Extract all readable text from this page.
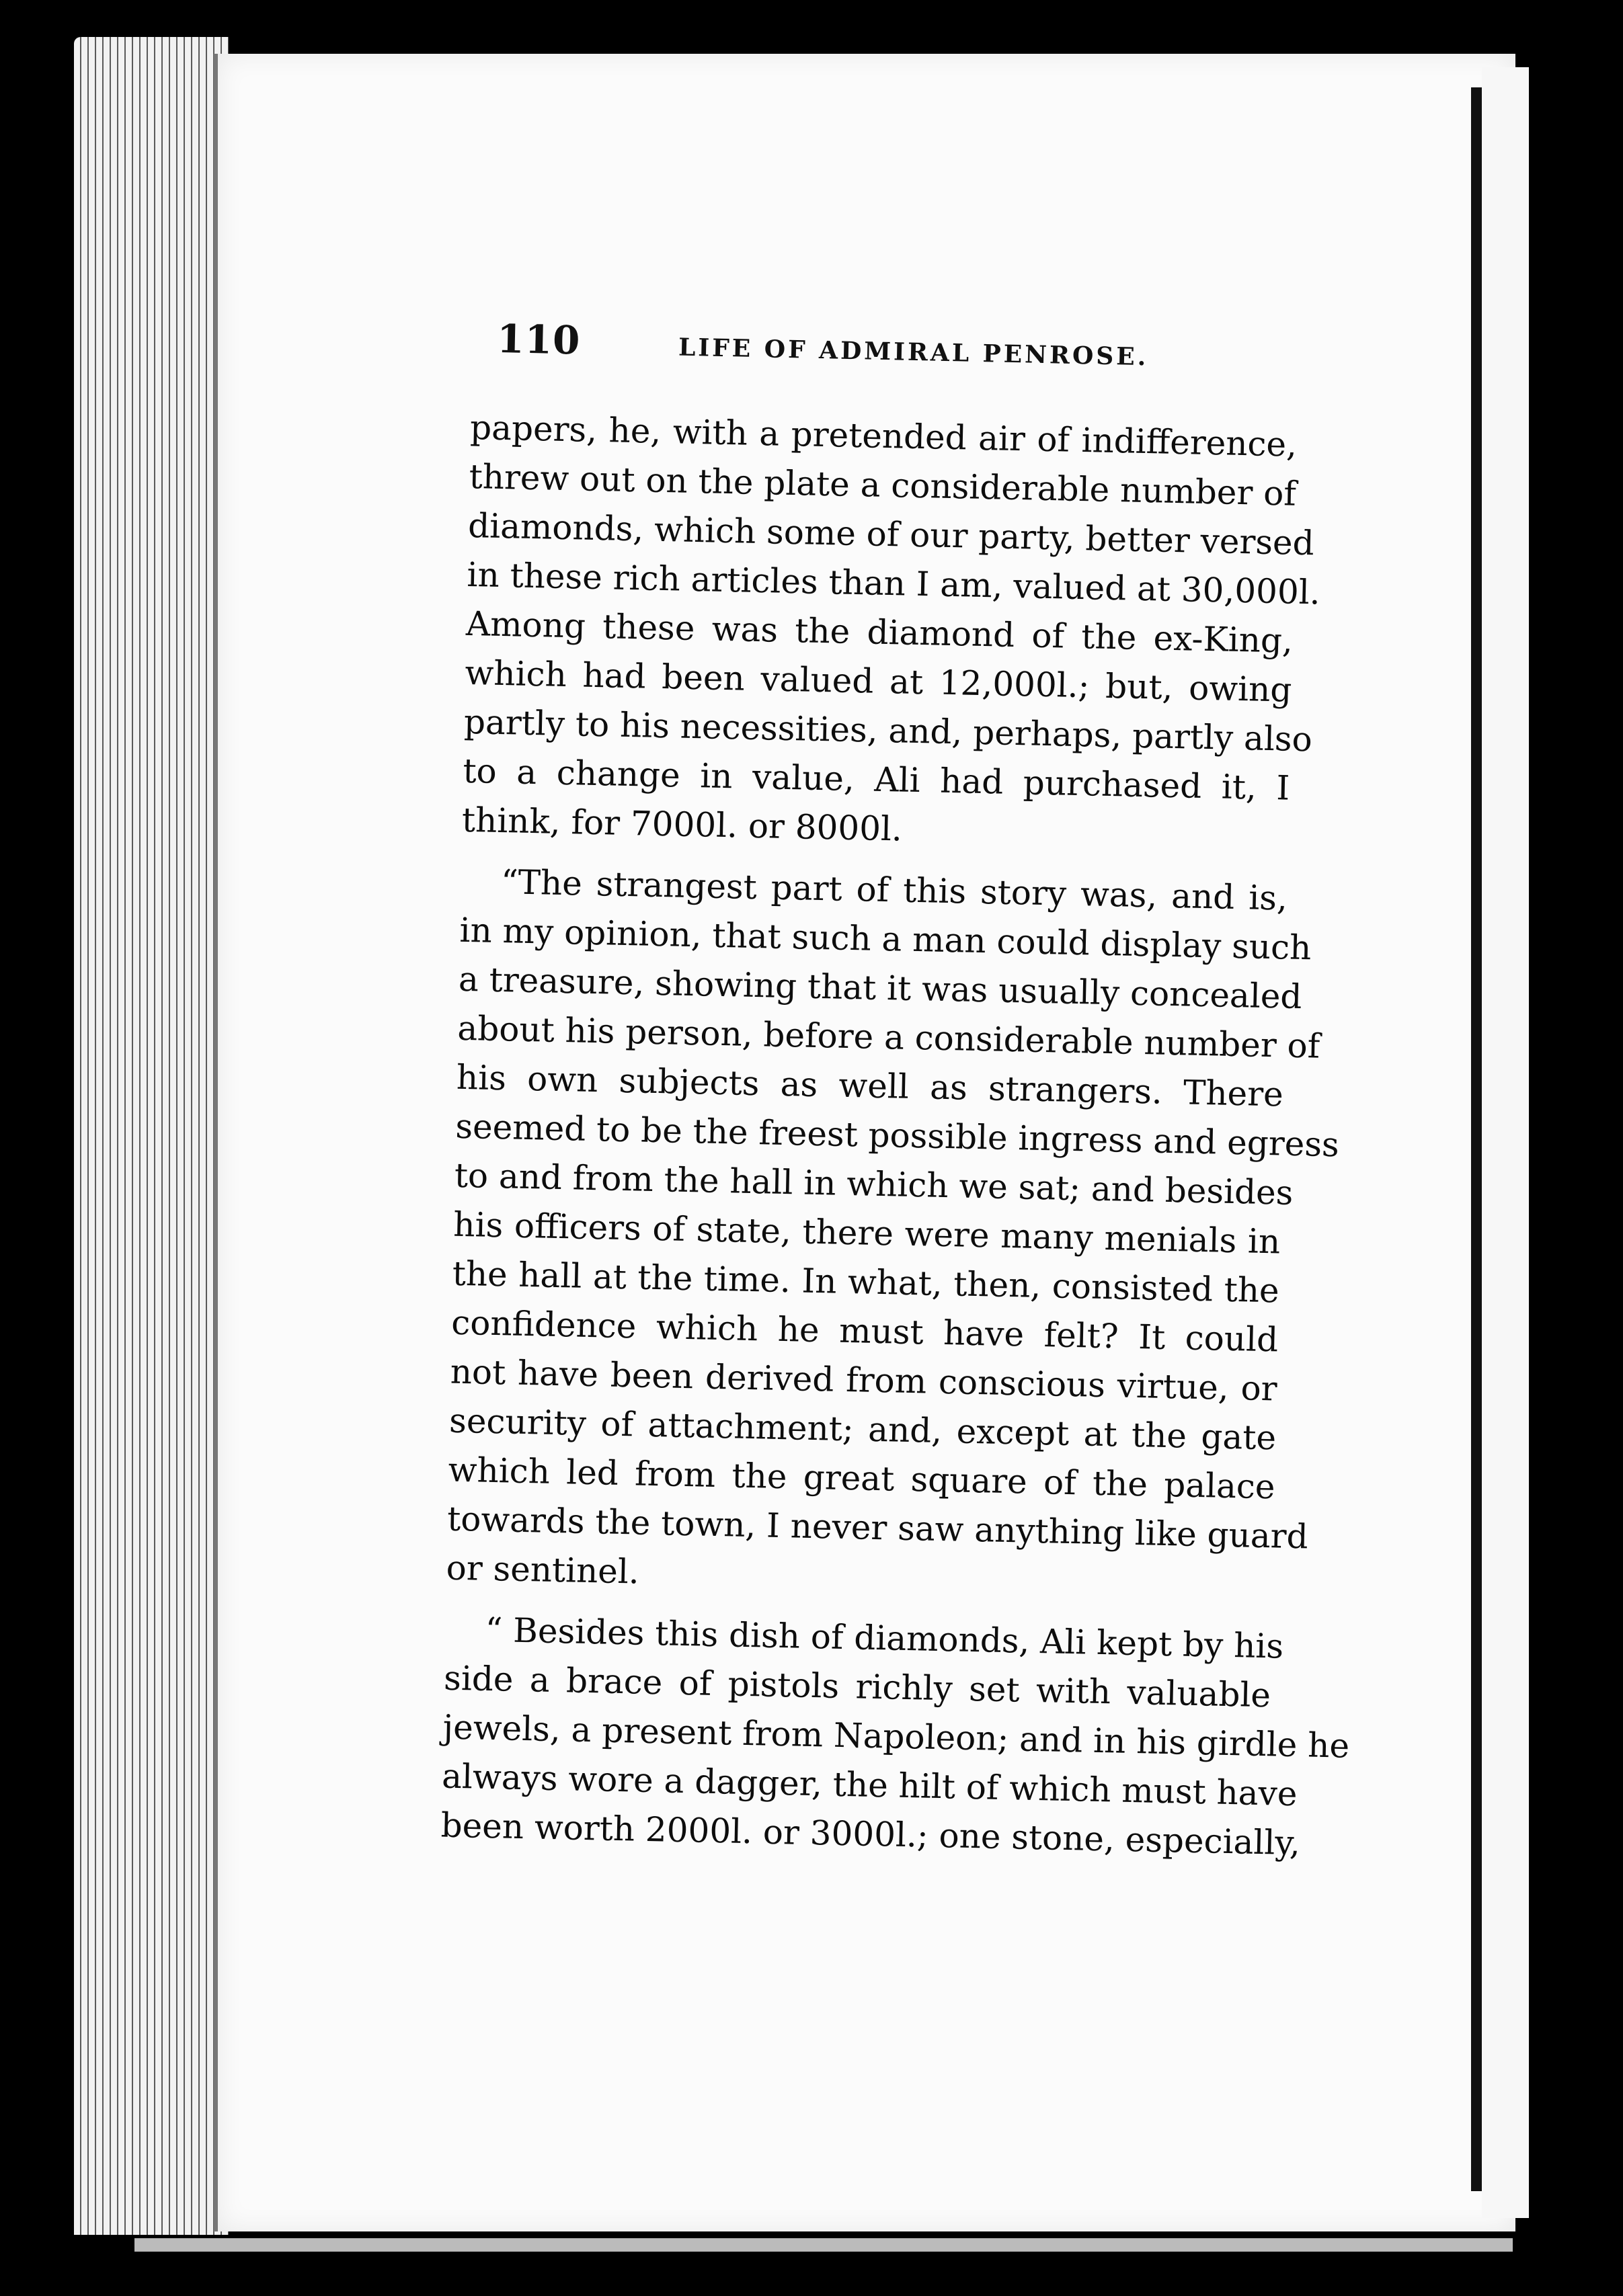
110	LIFE OF ADMIRAL PENROSE.
papers, he, with a pretended air of indifference,
threw out on the plate a considerable number of
diamonds, which some of our party, better versed
in these rich articles than I am, valued at 30,000l.
Among these was the diamond of the ex-King,
which had been valued at 12,000l.; but, owing
partly to his necessities, and, perhaps, partly also
to a change in value, Ali had purchased it, I
think, for 7000l. or 8000l.
“The strangest part of this story was, and is,
in my opinion, that such a man could display such
a treasure, showing that it was usually concealed
about his person, before a considerable number of
his own subjects as well as strangers. There
seemed to be the freest possible ingress and egress
to and from the hall in which we sat; and besides
his officers of state, there were many menials in
the hall at the time. In what, then, consisted the
confidence which he must have felt? It could
not have been derived from conscious virtue, or
security of attachment; and, except at the gate
which led from the great square of the palace
towards the town, I never saw anything like guard
or sentinel.
“ Besides this dish of diamonds, Ali kept by his
side a brace of pistols richly set with valuable
jewels, a present from Napoleon; and in his girdle he
always wore a dagger, the hilt of which must have
been worth 2000l. or 3000l.; one stone, especially,
